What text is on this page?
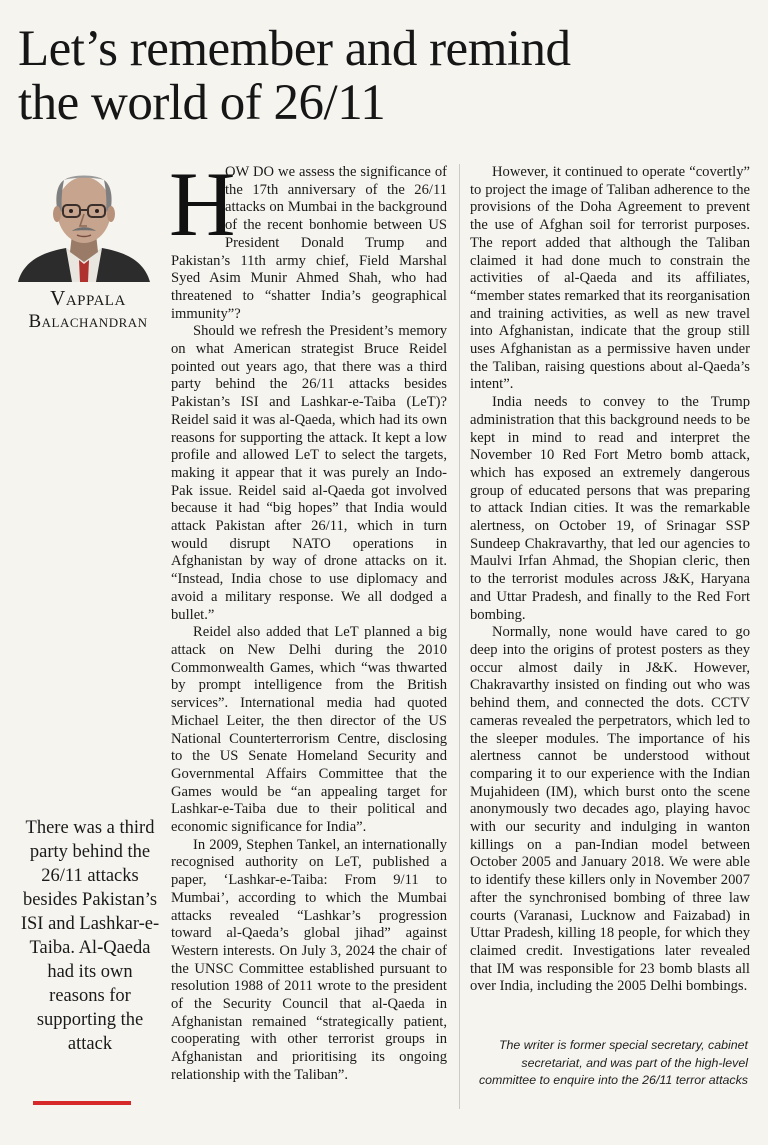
Let’s remember and remind
the world of 26/11
Vappala
Balachandran
There was a third party behind the 26/11 attacks besides Pakistan’s ISI and Lashkar-e-Taiba. Al-Qaeda had its own reasons for supporting the attack

H
OW DO we assess the significance of the 17th anniversary of the 26/11 attacks on Mumbai in the background of the recent bonhomie between US President Donald Trump and Pakistan’s 11th army chief, Field Marshal Syed Asim Munir Ahmed Shah, who had threatened to “shatter India’s geographical immunity”?

Should we refresh the President’s memory on what American strategist Bruce Reidel pointed out years ago, that there was a third party behind the 26/11 attacks besides Pakistan’s ISI and Lashkar-e-Taiba (LeT)? Reidel said it was al-Qaeda, which had its own reasons for supporting the attack. It kept a low profile and allowed LeT to select the targets, making it appear that it was purely an Indo-Pak issue. Reidel said al-Qaeda got involved because it had “big hopes” that India would attack Pakistan after 26/11, which in turn would disrupt NATO operations in Afghanistan by way of drone attacks on it. “Instead, India chose to use diplomacy and avoid a military response. We all dodged a bullet.”

Reidel also added that LeT planned a big attack on New Delhi during the 2010 Commonwealth Games, which “was thwarted by prompt intelligence from the British services”. International media had quoted Michael Leiter, the then director of the US National Counterterrorism Centre, disclosing to the US Senate Homeland Security and Governmental Affairs Committee that the Games would be “an appealing target for Lashkar-e-Taiba due to their political and economic significance for India”.

In 2009, Stephen Tankel, an internationally recognised authority on LeT, published a paper, ‘Lashkar-e-Taiba: From 9/11 to Mumbai’, according to which the Mumbai attacks revealed “Lashkar’s progression toward al-Qaeda’s global jihad” against Western interests. On July 3, 2024 the chair of the UNSC Committee established pursuant to resolution 1988 of 2011 wrote to the president of the Security Council that al-Qaeda in Afghanistan remained “strategically patient, cooperating with other terrorist groups in Afghanistan and prioritising its ongoing relationship with the Taliban”.

However, it continued to operate “covertly” to project the image of Taliban adherence to the provisions of the Doha Agreement to prevent the use of Afghan soil for terrorist purposes. The report added that although the Taliban claimed it had done much to constrain the activities of al-Qaeda and its affiliates, “member states remarked that its reorganisation and training activities, as well as new travel into Afghanistan, indicate that the group still uses Afghanistan as a permissive haven under the Taliban, raising questions about al-Qaeda’s intent”.

India needs to convey to the Trump administration that this background needs to be kept in mind to read and interpret the November 10 Red Fort Metro bomb attack, which has exposed an extremely dangerous group of educated persons that was preparing to attack Indian cities. It was the remarkable alertness, on October 19, of Srinagar SSP Sundeep Chakravarthy, that led our agencies to Maulvi Irfan Ahmad, the Shopian cleric, then to the terrorist modules across J&K, Haryana and Uttar Pradesh, and finally to the Red Fort bombing.

Normally, none would have cared to go deep into the origins of protest posters as they occur almost daily in J&K. However, Chakravarthy insisted on finding out who was behind them, and connected the dots. CCTV cameras revealed the perpetrators, which led to the sleeper modules. The importance of his alertness cannot be understood without comparing it to our experience with the Indian Mujahideen (IM), which burst onto the scene anonymously two decades ago, playing havoc with our security and indulging in wanton killings on a pan-Indian model between October 2005 and January 2018. We were able to identify these killers only in November 2007 after the synchronised bombing of three law courts (Varanasi, Lucknow and Faizabad) in Uttar Pradesh, killing 18 people, for which they claimed credit. Investigations later revealed that IM was responsible for 23 bomb blasts all over India, including the 2005 Delhi bombings.

The writer is former special secretary, cabinet secretariat, and was part of the high-level committee to enquire into the 26/11 terror attacks
